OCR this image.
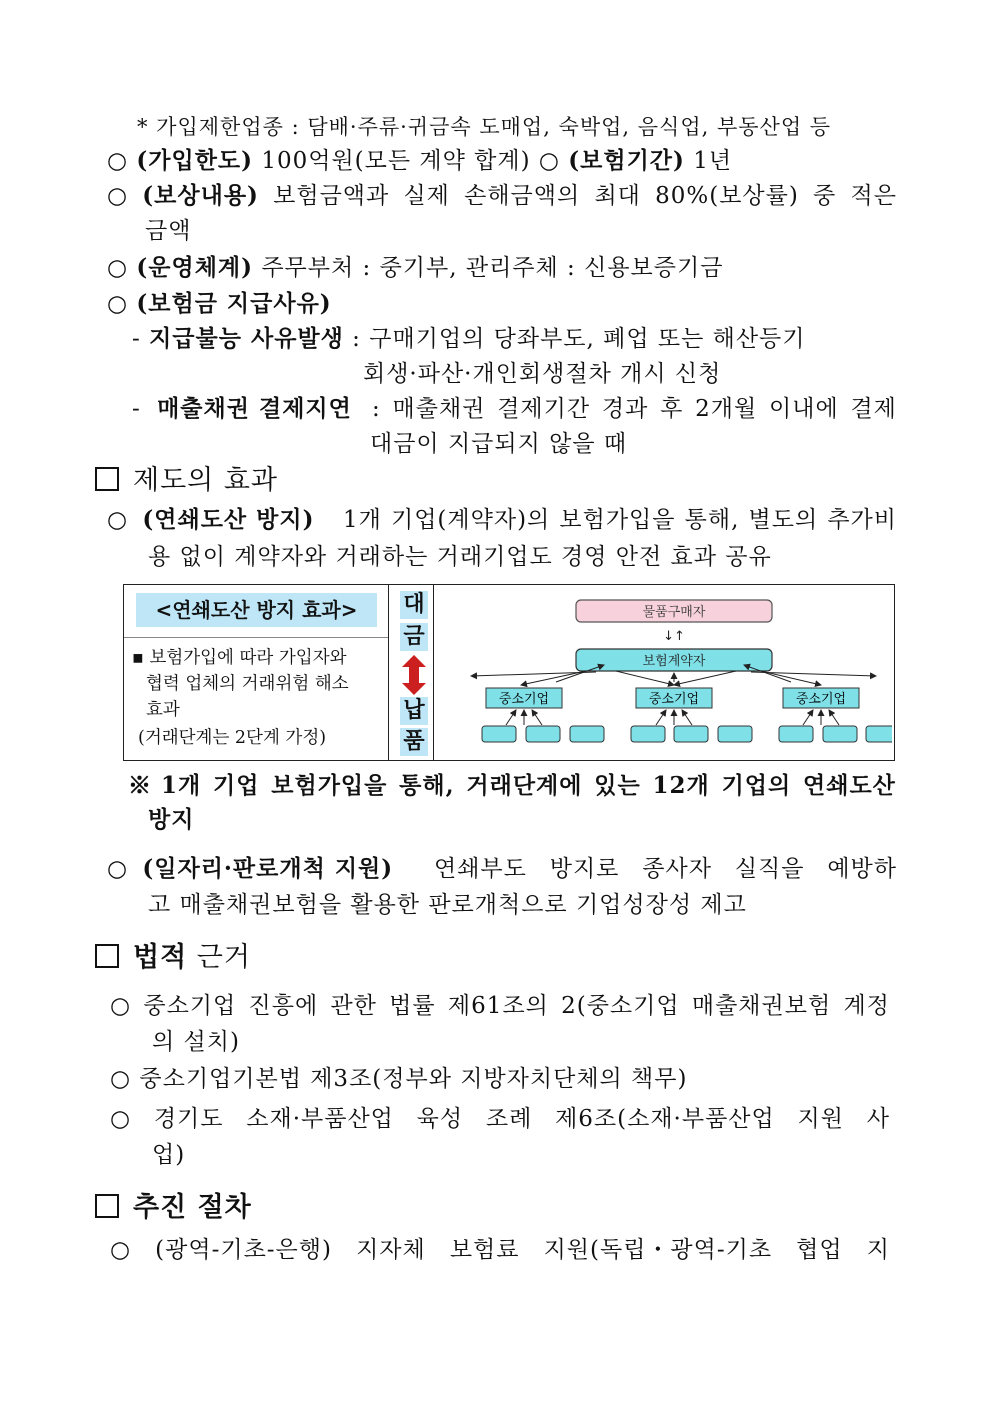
* 가입제한업종 : 담배·주류·귀금속 도매업, 숙박업, 음식업, 부동산업 등
○ (가입한도) 100억원(모든 계약 합계) ○ (보험기간) 1년
○ (보상내용) 보험금액과 실제 손해금액의 최대 80%(보상률) 중 적은
금액
○ (운영체계) 주무부처 : 중기부, 관리주체 : 신용보증기금
○ (보험금 지급사유)
- 지급불능 사유발생 : 구매기업의 당좌부도, 폐업 또는 해산등기
회생·파산·개인회생절차 개시 신청
- 매출채권 결제지연 : 매출채권 결제기간 경과 후 2개월 이내에 결제
대금이 지급되지 않을 때
제도의 효과
○ (연쇄도산 방지) 1개 기업(계약자)의 보험가입을 통해, 별도의 추가비
용 없이 계약자와 거래하는 거래기업도 경영 안전 효과 공유
<연쇄도산 방지 효과>
▪ 보험가입에 따라 가입자와
협력 업체의 거래위험 해소
효과
(거래단계는 2단계 가정)
대
금
납
품
물품구매자
↓↑
보험계약자
중소기업	중소기업	중소기업
※ 1개 기업 보험가입을 통해, 거래단계에 있는 12개 기업의 연쇄도산
방지
○ (일자리·판로개척 지원) 연쇄부도 방지로 종사자 실직을 예방하
고 매출채권보험을 활용한 판로개척으로 기업성장성 제고
법적 근거
○ 중소기업 진흥에 관한 법률 제61조의 2(중소기업 매출채권보험 계정
의 설치)
○ 중소기업기본법 제3조(정부와 지방자치단체의 책무)
○ 경기도 소재·부품산업 육성 조례 제6조(소재·부품산업 지원 사
업)
추진 절차
○ (광역-기초-은행) 지자체 보험료 지원(독립・광역-기초 협업 지
